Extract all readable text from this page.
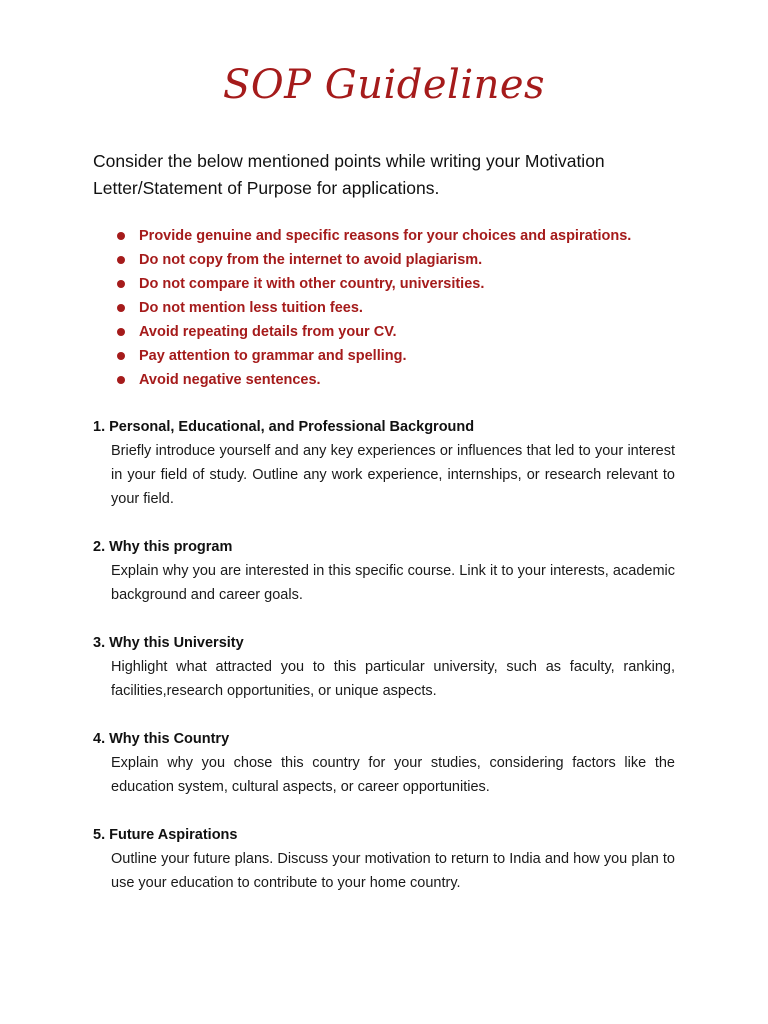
SOP Guidelines
Consider the below mentioned points while writing your Motivation Letter/Statement of Purpose for applications.
Provide genuine and specific reasons for your choices and aspirations.
Do not copy from the internet to avoid plagiarism.
Do not compare it with other country, universities.
Do not mention less tuition fees.
Avoid repeating details from your CV.
Pay attention to grammar and spelling.
Avoid negative sentences.
1. Personal, Educational, and Professional Background
Briefly introduce yourself and any key experiences or influences that led to your interest in your field of study. Outline any work experience, internships, or research relevant to your field.
2. Why this program
Explain why you are interested in this specific course. Link it to your interests, academic background and career goals.
3. Why this University
Highlight what attracted you to this particular university, such as faculty, ranking, facilities,research opportunities, or unique aspects.
4. Why this Country
Explain why you chose this country for your studies, considering factors like the education system, cultural aspects, or career opportunities.
5. Future Aspirations
Outline your future plans. Discuss your motivation to return to India and how you plan to use your education to contribute to your home country.
